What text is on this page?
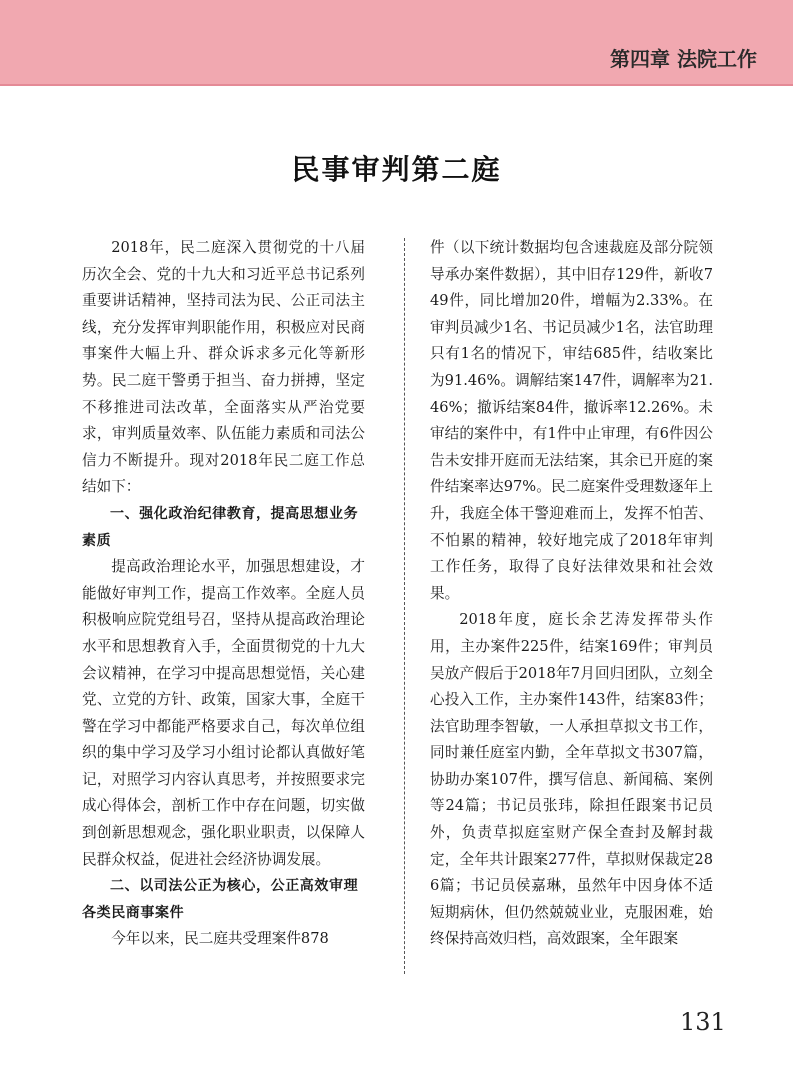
第四章 法院工作
民事审判第二庭

2018年，民二庭深入贯彻党的十八届历次全会、党的十九大和习近平总书记系列重要讲话精神，坚持司法为民、公正司法主线，充分发挥审判职能作用，积极应对民商事案件大幅上升、群众诉求多元化等新形势。民二庭干警勇于担当、奋力拼搏，坚定不移推进司法改革，全面落实从严治党要求，审判质量效率、队伍能力素质和司法公信力不断提升。现对2018年民二庭工作总结如下：

一、强化政治纪律教育，提高思想业务素质

提高政治理论水平，加强思想建设，才能做好审判工作，提高工作效率。全庭人员积极响应院党组号召，坚持从提高政治理论水平和思想教育入手，全面贯彻党的十九大会议精神，在学习中提高思想觉悟，关心建党、立党的方针、政策，国家大事，全庭干警在学习中都能严格要求自己，每次单位组织的集中学习及学习小组讨论都认真做好笔记，对照学习内容认真思考，并按照要求完成心得体会，剖析工作中存在问题，切实做到创新思想观念，强化职业职责，以保障人民群众权益，促进社会经济协调发展。

二、以司法公正为核心，公正高效审理各类民商事案件

今年以来，民二庭共受理案件878

件（以下统计数据均包含速裁庭及部分院领导承办案件数据），其中旧存129件，新收749件，同比增加20件，增幅为2.33%。在审判员减少1名、书记员减少1名，法官助理只有1名的情况下，审结685件，结收案比为91.46%。调解结案147件，调解率为21.46%；撤诉结案84件，撤诉率12.26%。未审结的案件中，有1件中止审理，有6件因公告未安排开庭而无法结案，其余已开庭的案件结案率达97%。民二庭案件受理数逐年上升，我庭全体干警迎难而上，发挥不怕苦、不怕累的精神，较好地完成了2018年审判工作任务，取得了良好法律效果和社会效果。

2018年度，庭长余艺涛发挥带头作用，主办案件225件，结案169件；审判员吴放产假后于2018年7月回归团队，立刻全心投入工作，主办案件143件，结案83件；法官助理李智敏，一人承担草拟文书工作，同时兼任庭室内勤，全年草拟文书307篇，协助办案107件，撰写信息、新闻稿、案例等24篇；书记员张玮，除担任跟案书记员外，负责草拟庭室财产保全查封及解封裁定，全年共计跟案277件，草拟财保裁定286篇；书记员侯嘉琳，虽然年中因身体不适短期病休，但仍然兢兢业业，克服困难，始终保持高效归档，高效跟案，全年跟案

131
